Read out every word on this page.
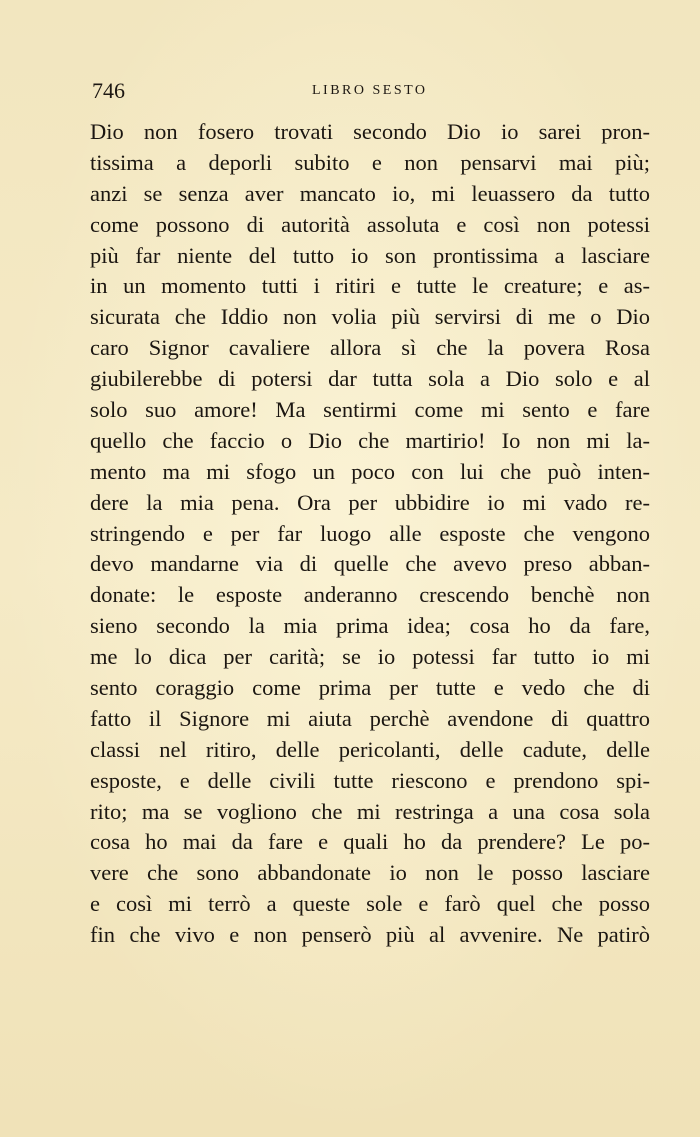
746	LIBRO SESTO
Dio non fosero trovati secondo Dio io sarei pron-
tissima a deporli subito e non pensarvi mai più;
anzi se senza aver mancato io, mi leuassero da tutto
come possono di autorità assoluta e così non potessi
più far niente del tutto io son prontissima a lasciare
in un momento tutti i ritiri e tutte le creature; e as-
sicurata che Iddio non volia più servirsi di me o Dio
caro Signor cavaliere allora sì che la povera Rosa
giubilerebbe di potersi dar tutta sola a Dio solo e al
solo suo amore! Ma sentirmi come mi sento e fare
quello che faccio o Dio che martirio! Io non mi la-
mento ma mi sfogo un poco con lui che può inten-
dere la mia pena. Ora per ubbidire io mi vado re-
stringendo e per far luogo alle esposte che vengono
devo mandarne via di quelle che avevo preso abban-
donate: le esposte anderanno crescendo benchè non
sieno secondo la mia prima idea; cosa ho da fare,
me lo dica per carità; se io potessi far tutto io mi
sento coraggio come prima per tutte e vedo che di
fatto il Signore mi aiuta perchè avendone di quattro
classi nel ritiro, delle pericolanti, delle cadute, delle
esposte, e delle civili tutte riescono e prendono spi-
rito; ma se vogliono che mi restringa a una cosa sola
cosa ho mai da fare e quali ho da prendere? Le po-
vere che sono abbandonate io non le posso lasciare
e così mi terrò a queste sole e farò quel che posso
fin che vivo e non penserò più al avvenire. Ne patirò
